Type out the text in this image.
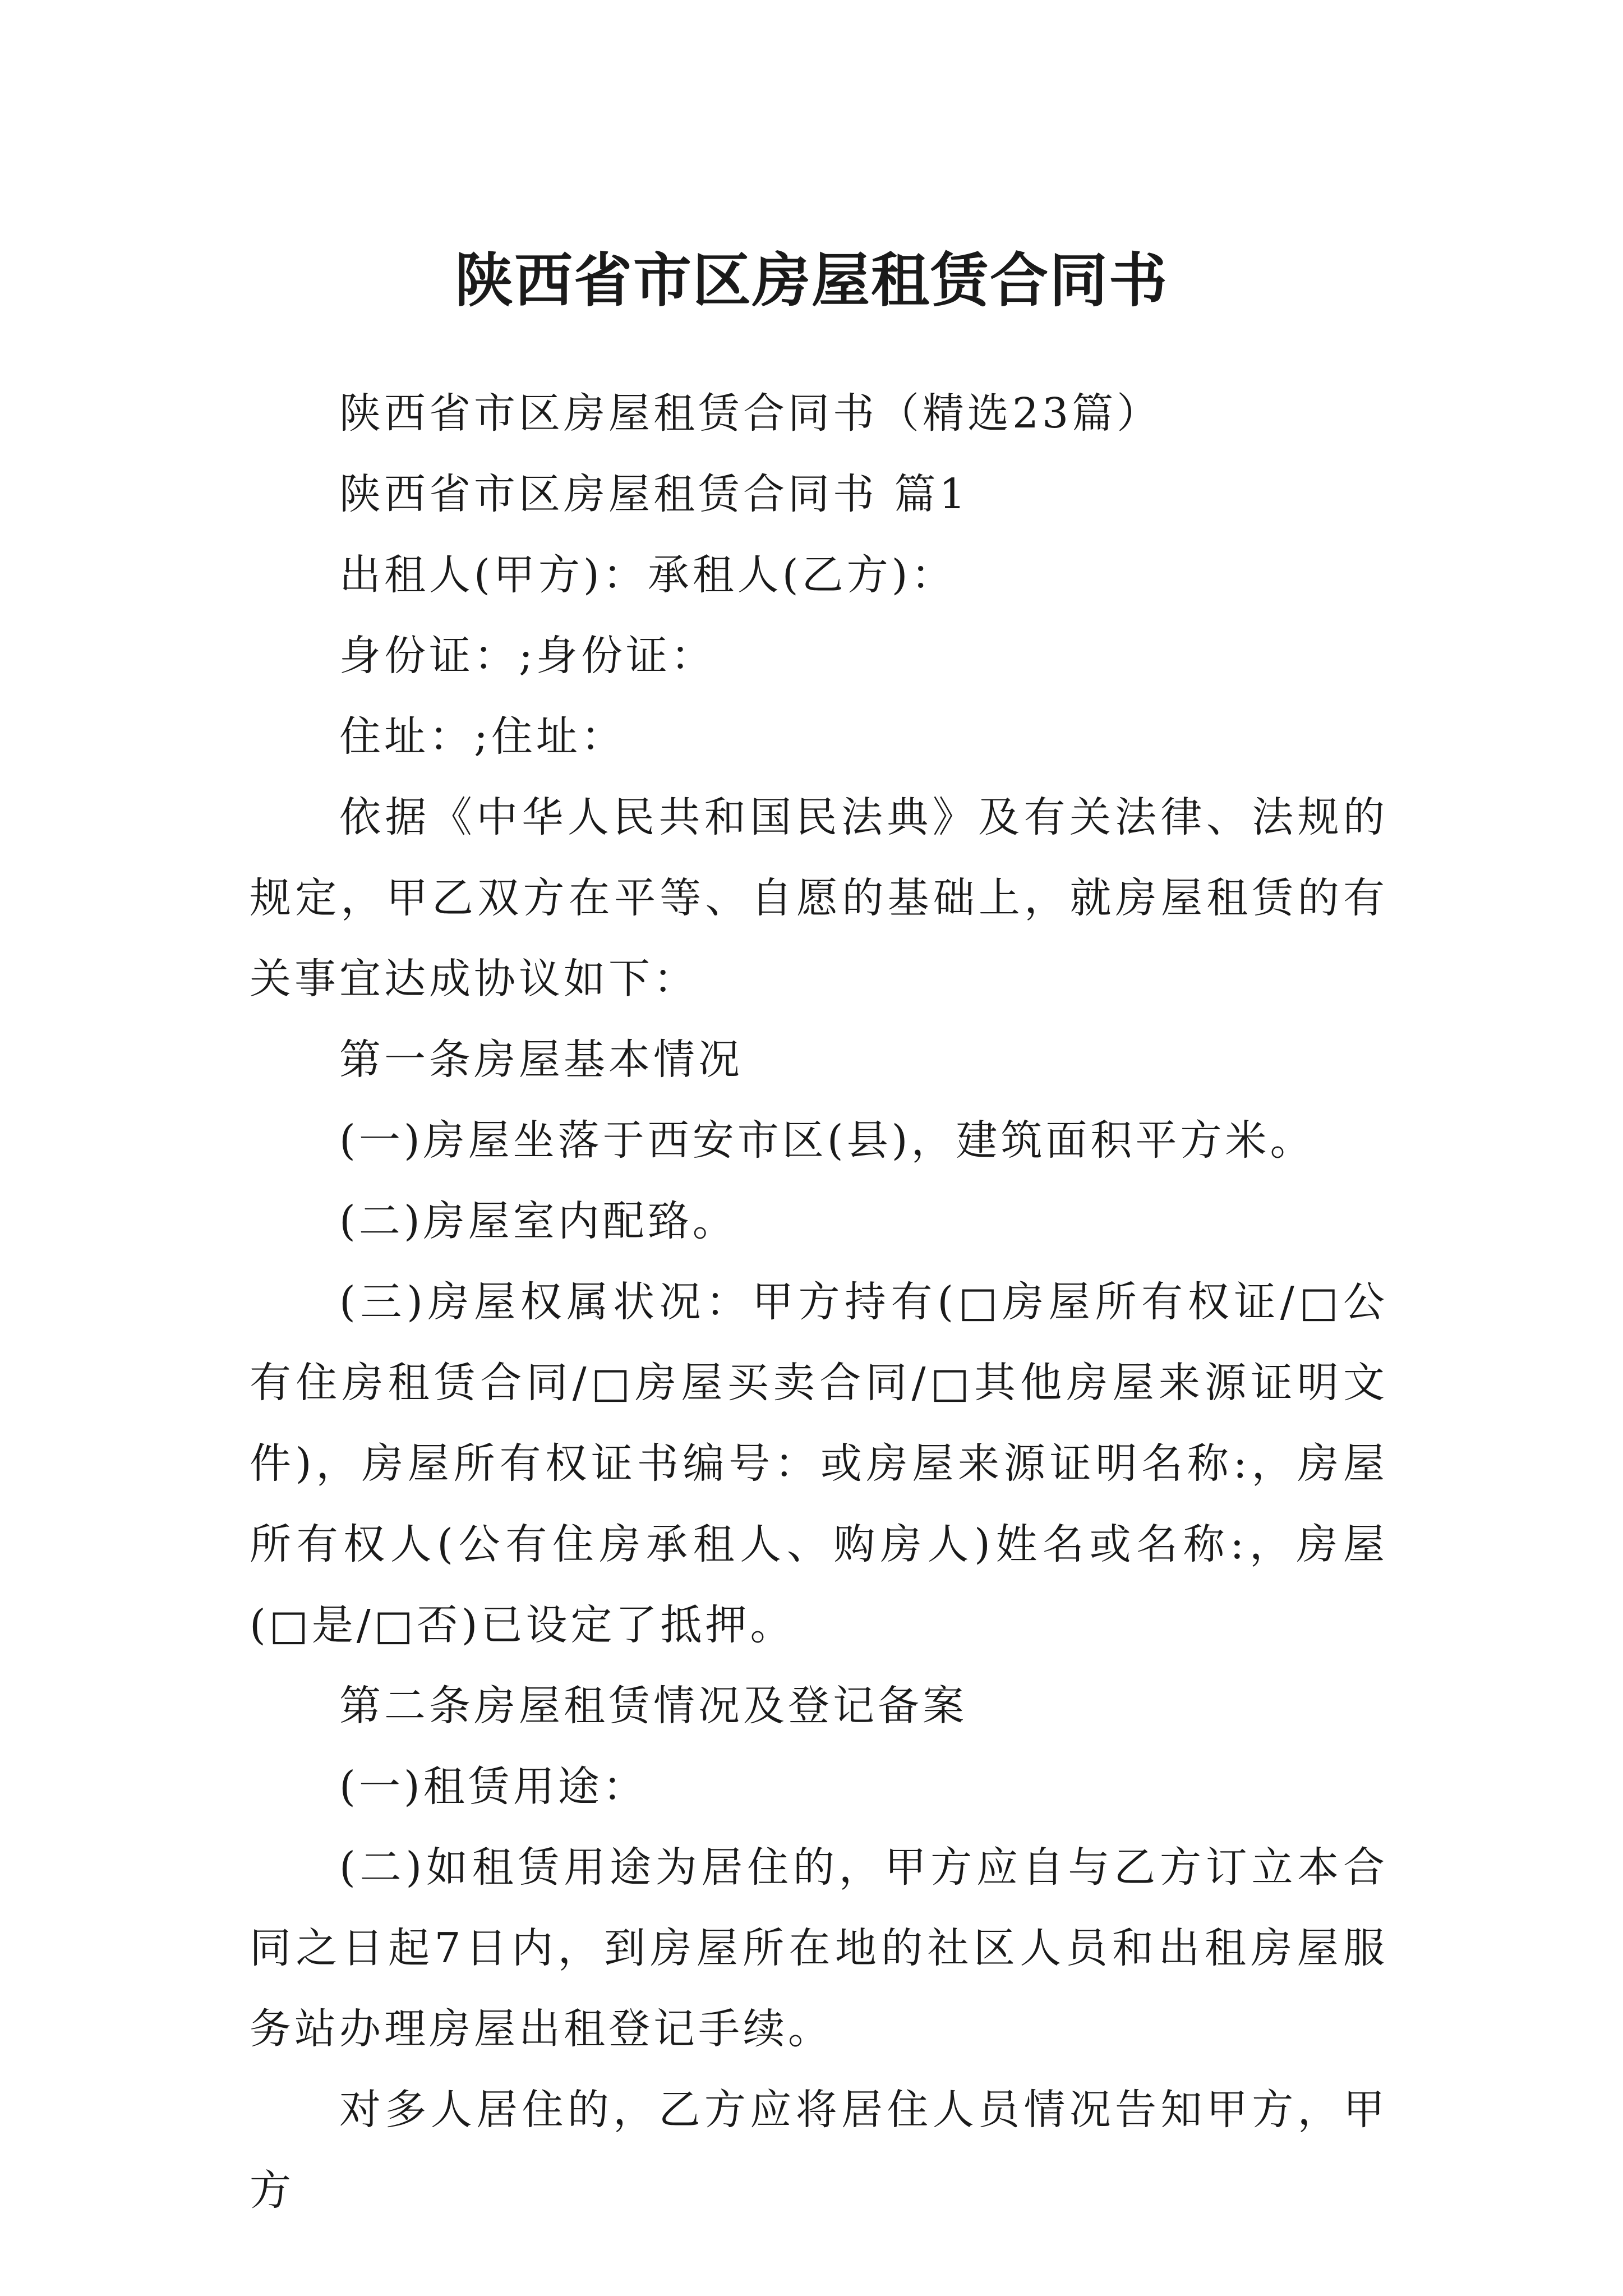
陕西省市区房屋租赁合同书

陕西省市区房屋租赁合同书（精选23篇）

陕西省市区房屋租赁合同书 篇1

出租人(甲方)：承租人(乙方)：

身份证：;身份证：

住址：;住址：

依据《中华人民共和国民法典》及有关法律、法规的规定，甲乙双方在平等、自愿的基础上，就房屋租赁的有关事宜达成协议如下：

第一条房屋基本情况

(一)房屋坐落于西安市区(县)，建筑面积平方米。

(二)房屋室内配臵。

(三)房屋权属状况：甲方持有(□房屋所有权证/□公有住房租赁合同/□房屋买卖合同/□其他房屋来源证明文件)，房屋所有权证书编号：或房屋来源证明名称:，房屋所有权人(公有住房承租人、购房人)姓名或名称:，房屋(□是/□否)已设定了抵押。

第二条房屋租赁情况及登记备案

(一)租赁用途：

(二)如租赁用途为居住的，甲方应自与乙方订立本合同之日起7日内，到房屋所在地的社区人员和出租房屋服务站办理房屋出租登记手续。

对多人居住的，乙方应将居住人员情况告知甲方，甲方
